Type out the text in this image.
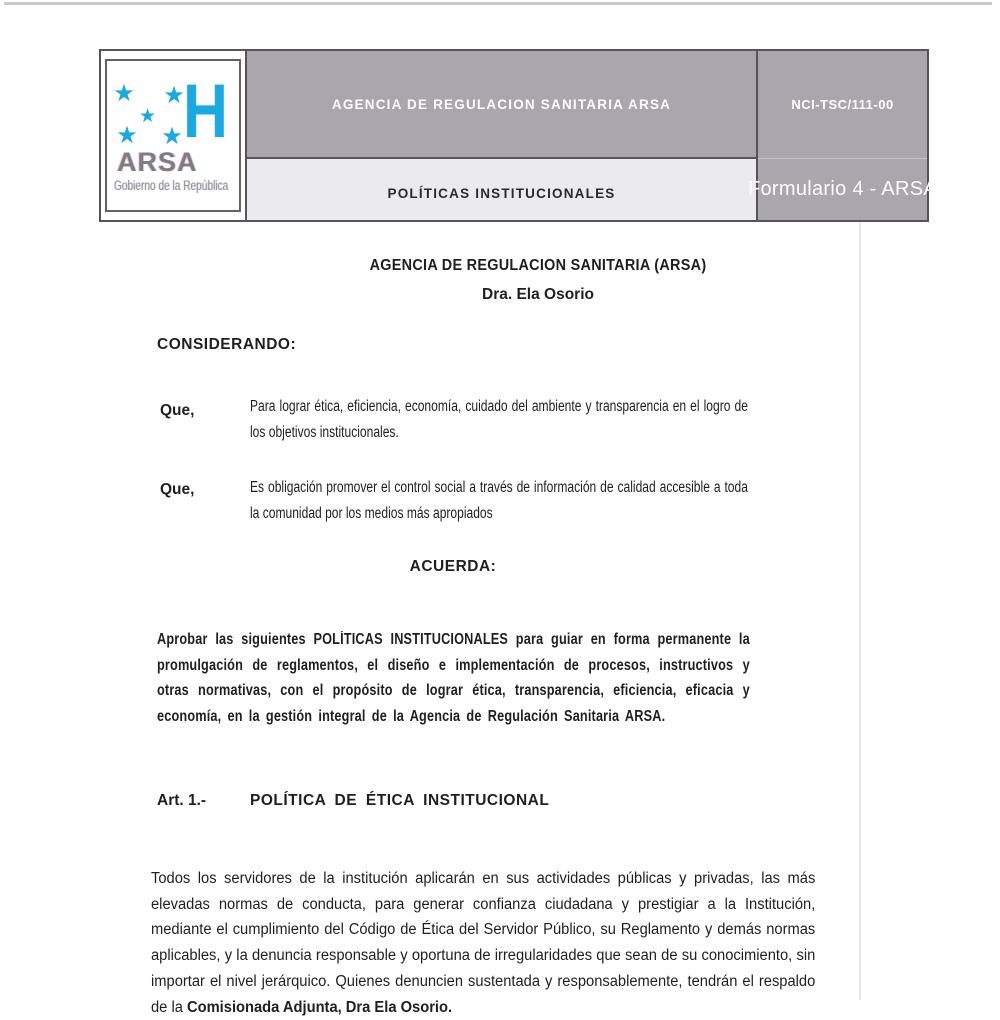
★ ★
★
★ ★ H
ARSA
Gobierno de la República
AGENCIA DE REGULACION SANITARIA ARSA
POLÍTICAS INSTITUCIONALES
NCI-TSC/111-00
Formulario 4 - ARSA
AGENCIA DE REGULACION SANITARIA (ARSA)
Dra. Ela Osorio
CONSIDERANDO:
Que,	Para lograr ética, eficiencia, economía, cuidado del ambiente y transparencia en el logro de los objetivos institucionales.
Que,	Es obligación promover el control social a través de información de calidad accesible a toda la comunidad por los medios más apropiados
ACUERDA:
Aprobar las siguientes POLÍTICAS INSTITUCIONALES para guiar en forma permanente la promulgación de reglamentos, el diseño e implementación de procesos, instructivos y otras normativas, con el propósito de lograr ética, transparencia, eficiencia, eficacia y economía, en la gestión integral de la Agencia de Regulación Sanitaria ARSA.
Art. 1.-	POLÍTICA DE ÉTICA INSTITUCIONAL

Todos los servidores de la institución aplicarán en sus actividades públicas y privadas, las más elevadas normas de conducta, para generar confianza ciudadana y prestigiar a la Institución, mediante el cumplimiento del Código de Ética del Servidor Público, su Reglamento y demás normas aplicables, y la denuncia responsable y oportuna de irregularidades que sean de su conocimiento, sin importar el nivel jerárquico. Quienes denuncien sustentada y responsablemente, tendrán el respaldo de la Comisionada Adjunta, Dra Ela Osorio.
